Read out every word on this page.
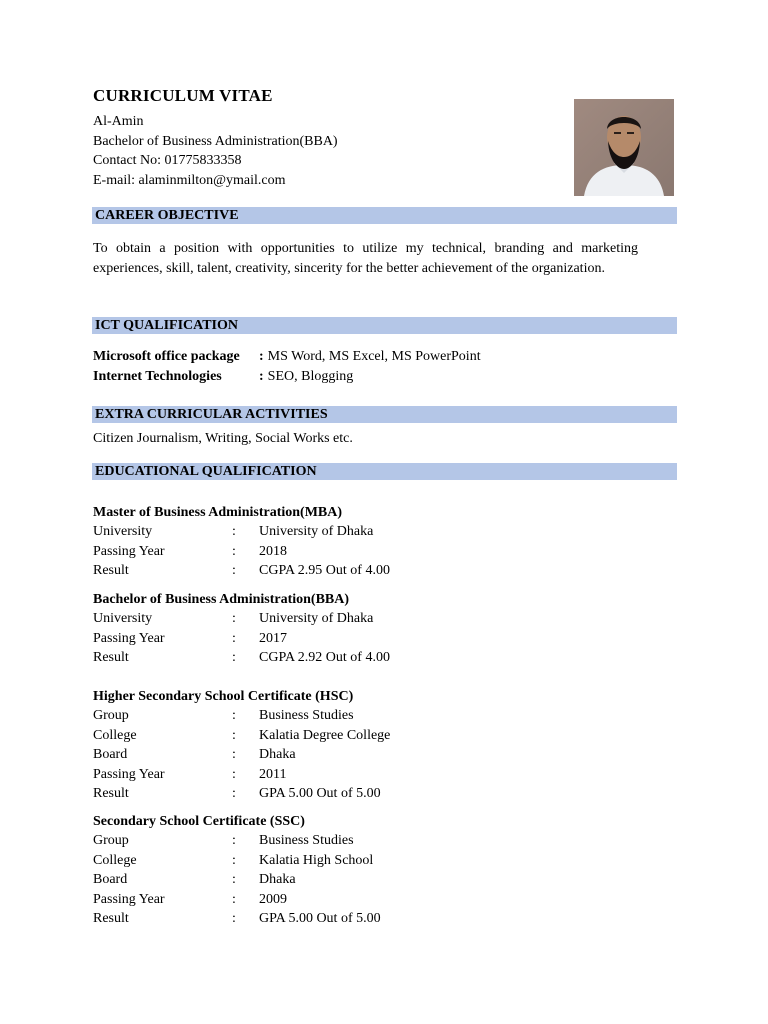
CURRICULUM VITAE
Al-Amin
Bachelor of Business Administration(BBA)
Contact No: 01775833358
E-mail: alaminmilton@ymail.com
CAREER OBJECTIVE
To obtain a position with opportunities to utilize my technical, branding and marketing experiences, skill, talent, creativity, sincerity for the better achievement of the organization.
ICT QUALIFICATION
Microsoft office package	: MS Word, MS Excel, MS PowerPoint
Internet Technologies	: SEO, Blogging
EXTRA CURRICULAR ACTIVITIES
Citizen Journalism, Writing, Social Works etc.
EDUCATIONAL QUALIFICATION
Master of Business Administration(MBA)
University	:	University of Dhaka
Passing Year	:	2018
Result	:	CGPA 2.95 Out of 4.00
Bachelor of Business Administration(BBA)
University	:	University of Dhaka
Passing Year	:	2017
Result	:	CGPA 2.92 Out of 4.00
Higher Secondary School Certificate (HSC)
Group	:	Business Studies
College	:	Kalatia Degree College
Board	:	Dhaka
Passing Year	:	2011
Result	:	GPA 5.00 Out of 5.00
Secondary School Certificate (SSC)
Group	:	Business Studies
College	:	Kalatia High School
Board	:	Dhaka
Passing Year	:	2009
Result	:	GPA 5.00 Out of 5.00
